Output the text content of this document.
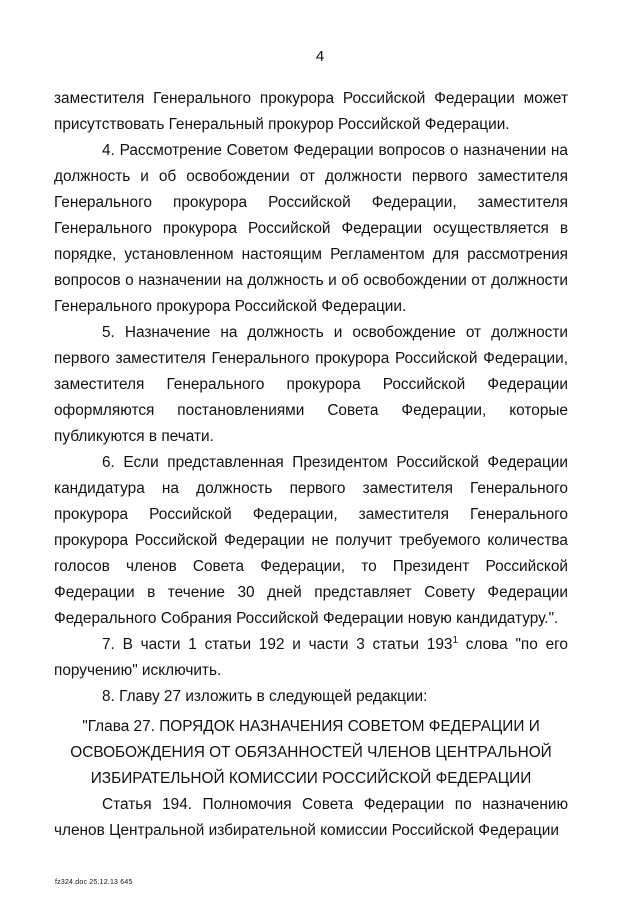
4

заместителя Генерального прокурора Российской Федерации может присутствовать Генеральный прокурор Российской Федерации.

4. Рассмотрение Советом Федерации вопросов о назначении на должность и об освобождении от должности первого заместителя Генерального прокурора Российской Федерации, заместителя Генерального прокурора Российской Федерации осуществляется в порядке, установленном настоящим Регламентом для рассмотрения вопросов о назначении на должность и об освобождении от должности Генерального прокурора Российской Федерации.

5. Назначение на должность и освобождение от должности первого заместителя Генерального прокурора Российской Федерации, заместителя Генерального прокурора Российской Федерации оформляются постановлениями Совета Федерации, которые публикуются в печати.

6. Если представленная Президентом Российской Федерации кандидатура на должность первого заместителя Генерального прокурора Российской Федерации, заместителя Генерального прокурора Российской Федерации не получит требуемого количества голосов членов Совета Федерации, то Президент Российской Федерации в течение 30 дней представляет Совету Федерации Федерального Собрания Российской Федерации новую кандидатуру.".

7. В части 1 статьи 192 и части 3 статьи $193^1$ слова "по его поручению" исключить.

8. Главу 27 изложить в следующей редакции:

"Глава 27. ПОРЯДОК НАЗНАЧЕНИЯ СОВЕТОМ ФЕДЕРАЦИИ И
ОСВОБОЖДЕНИЯ ОТ ОБЯЗАННОСТЕЙ ЧЛЕНОВ ЦЕНТРАЛЬНОЙ
ИЗБИРАТЕЛЬНОЙ КОМИССИИ РОССИЙСКОЙ ФЕДЕРАЦИИ

Статья 194. Полномочия Совета Федерации по назначению членов Центральной избирательной комиссии Российской Федерации

fz324.doc 25.12.13 645
